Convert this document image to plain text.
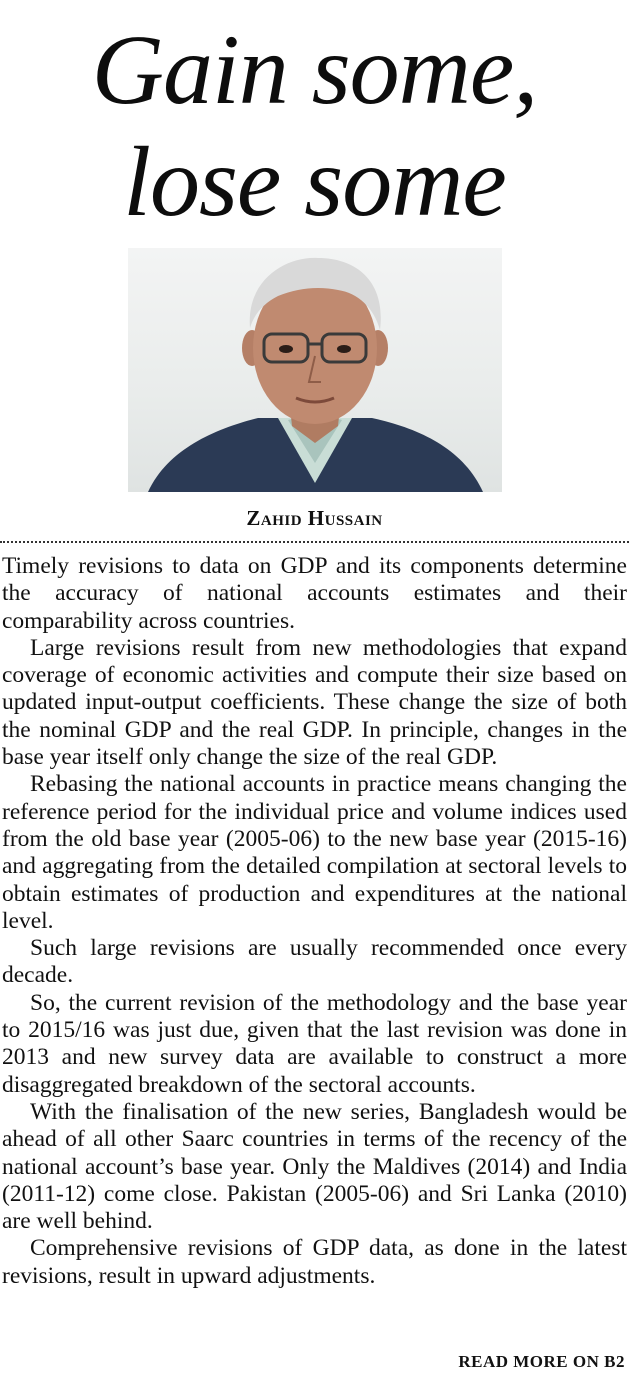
Gain some,
lose some
Zahid Hussain

Timely revisions to data on GDP and its components determine the accuracy of national accounts estimates and their comparability across countries.

Large revisions result from new methodologies that expand coverage of economic activities and compute their size based on updated input-output coefficients. These change the size of both the nominal GDP and the real GDP. In principle, changes in the base year itself only change the size of the real GDP.

Rebasing the national accounts in practice means changing the reference period for the individual price and volume indices used from the old base year (2005-06) to the new base year (2015-16) and aggregating from the detailed compilation at sectoral levels to obtain estimates of production and expenditures at the national level.

Such large revisions are usually recommended once every decade.

So, the current revision of the methodology and the base year to 2015/16 was just due, given that the last revision was done in 2013 and new survey data are available to construct a more disaggregated breakdown of the sectoral accounts.

With the finalisation of the new series, Bangladesh would be ahead of all other Saarc countries in terms of the recency of the national account’s base year. Only the Maldives (2014) and India (2011-12) come close. Pakistan (2005-06) and Sri Lanka (2010) are well behind.

Comprehensive revisions of GDP data, as done in the latest revisions, result in upward adjustments.

READ MORE ON B2
